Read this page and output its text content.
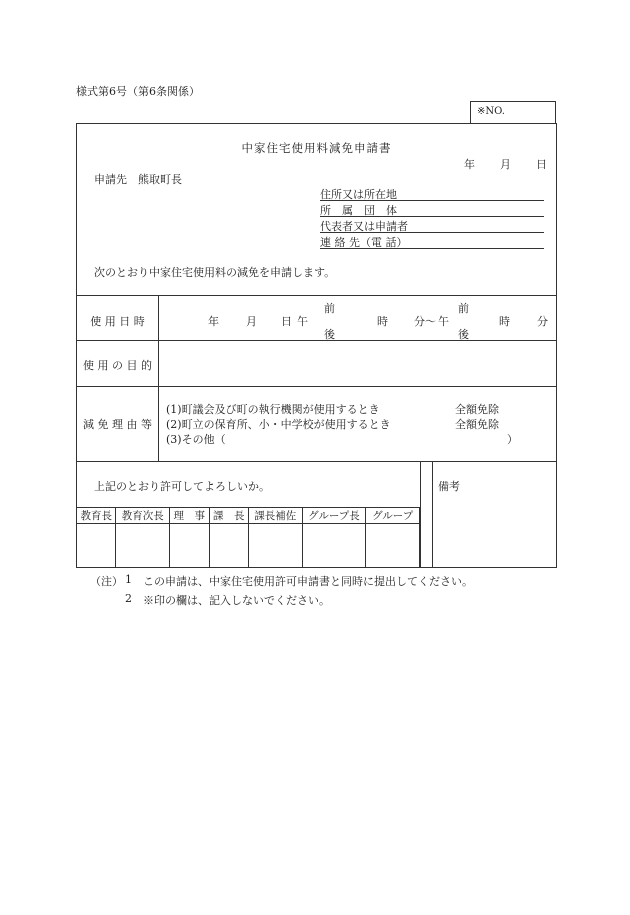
様式第6号（第6条関係）
※NO.
中家住宅使用料減免申請書
年 月 日
申請先　熊取町長
住所又は所在地
所　属　団　体
代表者又は申請者
連 絡 先（電 話）
次のとおり中家住宅使用料の減免を申請します。
使 用 日 時	年 月 日 午
前
後
時 分〜 午
前
後
時 分
使 用 の 目 的
減 免 理 由 等
(1)町議会及び町の執行機関が使用するとき	全額免除
(2)町立の保育所、小・中学校が使用するとき	全額免除
(3)その他（	）
上記のとおり許可してよろしいか。	備考
教育長	教育次長	理　事	課　長	課長補佐	グループ長	グループ

（注） 1 この申請は、中家住宅使用許可申請書と同時に提出してください。
2 ※印の欄は、記入しないでください。
